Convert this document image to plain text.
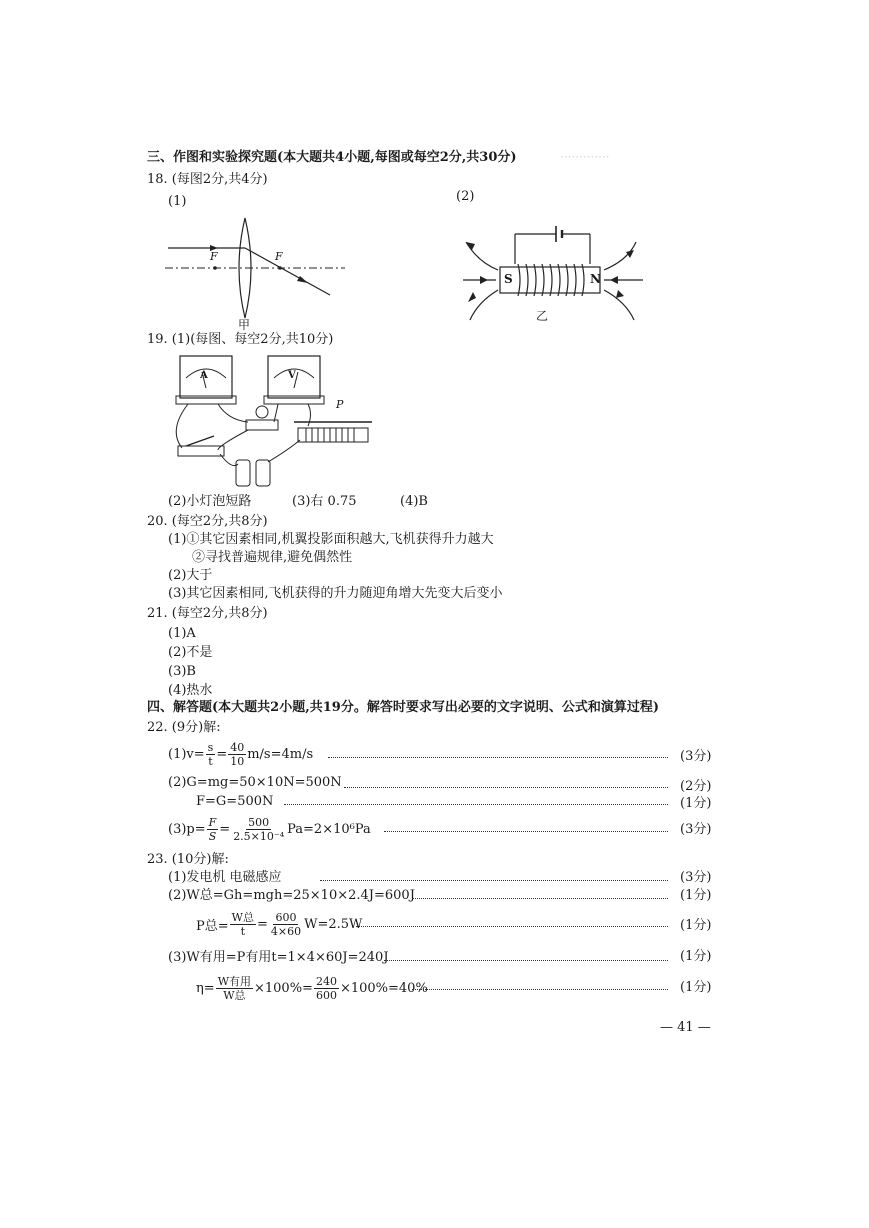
·············
三、作图和实验探究题(本大题共4小题,每图或每空2分,共30分)
18. (每图2分,共4分)
(1)	(2)
F	F
甲
S	N
乙
19. (1)(每图、每空2分,共10分)
A	V
P
(2)小灯泡短路	(3)右 0.75	(4)B
20. (每空2分,共8分)
(1)①其它因素相同,机翼投影面积越大,飞机获得升力越大
②寻找普遍规律,避免偶然性
(2)大于
(3)其它因素相同,飞机获得的升力随迎角增大先变大后变小
21. (每空2分,共8分)
(1)A
(2)不是
(3)B
(4)热水
四、解答题(本大题共2小题,共19分。解答时要求写出必要的文字说明、公式和演算过程)
22. (9分)解:
$(1)v= \frac{s}{t} = \frac{40}{10} m/s=4m/s$	(3分)
(2)G=mg=50×10N=500N	(2分)
F=G=500N	(1分)
$(3)p= \frac{F}{S} = \frac{500}{\text{2.5×10⁻⁴}} Pa=2\times 10^6Pa$	(3分)
23. (10分)解:
(1)发电机 电磁感应	(3分)
(2)W总=Gh=mgh=25×10×2.4J=600J	(1分)
P总= $\frac{\text{W总}}{t} = \frac{600}{4\times 60} W=2.5W$	(1分)
(3)W有用=P有用t=1×4×60J=240J	(1分)
$\eta= \frac{\text{W有用}}{\text{W总}} \times 100\%= \frac{240}{600} \times 100\%=40\%$	(1分)
— 41 —
